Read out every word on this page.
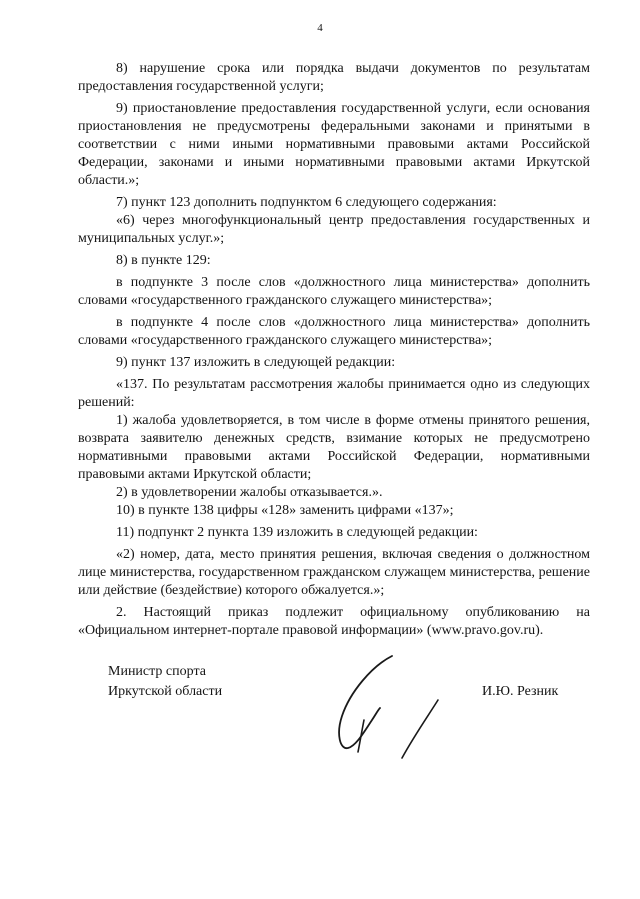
4

8) нарушение срока или порядка выдачи документов по результатам предоставления государственной услуги;

9) приостановление предоставления государственной услуги, если основания приостановления не предусмотрены федеральными законами и принятыми в соответствии с ними иными нормативными правовыми актами Российской Федерации, законами и иными нормативными правовыми актами Иркутской области.»;

7) пункт 123 дополнить подпунктом 6 следующего содержания:

«6) через многофункциональный центр предоставления государственных и муниципальных услуг.»;

8) в пункте 129:

в подпункте 3 после слов «должностного лица министерства» дополнить словами «государственного гражданского служащего министерства»;

в подпункте 4 после слов «должностного лица министерства» дополнить словами «государственного гражданского служащего министерства»;

9) пункт 137 изложить в следующей редакции:

«137. По результатам рассмотрения жалобы принимается одно из следующих решений:

1) жалоба удовлетворяется, в том числе в форме отмены принятого решения, возврата заявителю денежных средств, взимание которых не предусмотрено нормативными правовыми актами Российской Федерации, нормативными правовыми актами Иркутской области;

2) в удовлетворении жалобы отказывается.».

10) в пункте 138 цифры «128» заменить цифрами «137»;

11) подпункт 2 пункта 139 изложить в следующей редакции:

«2) номер, дата, место принятия решения, включая сведения о должностном лице министерства, государственном гражданском служащем министерства, решение или действие (бездействие) которого обжалуется.»;

2. Настоящий приказ подлежит официальному опубликованию на «Официальном интернет-портале правовой информации» (www.pravo.gov.ru).

Министр спорта
Иркутской области	И.Ю. Резник
